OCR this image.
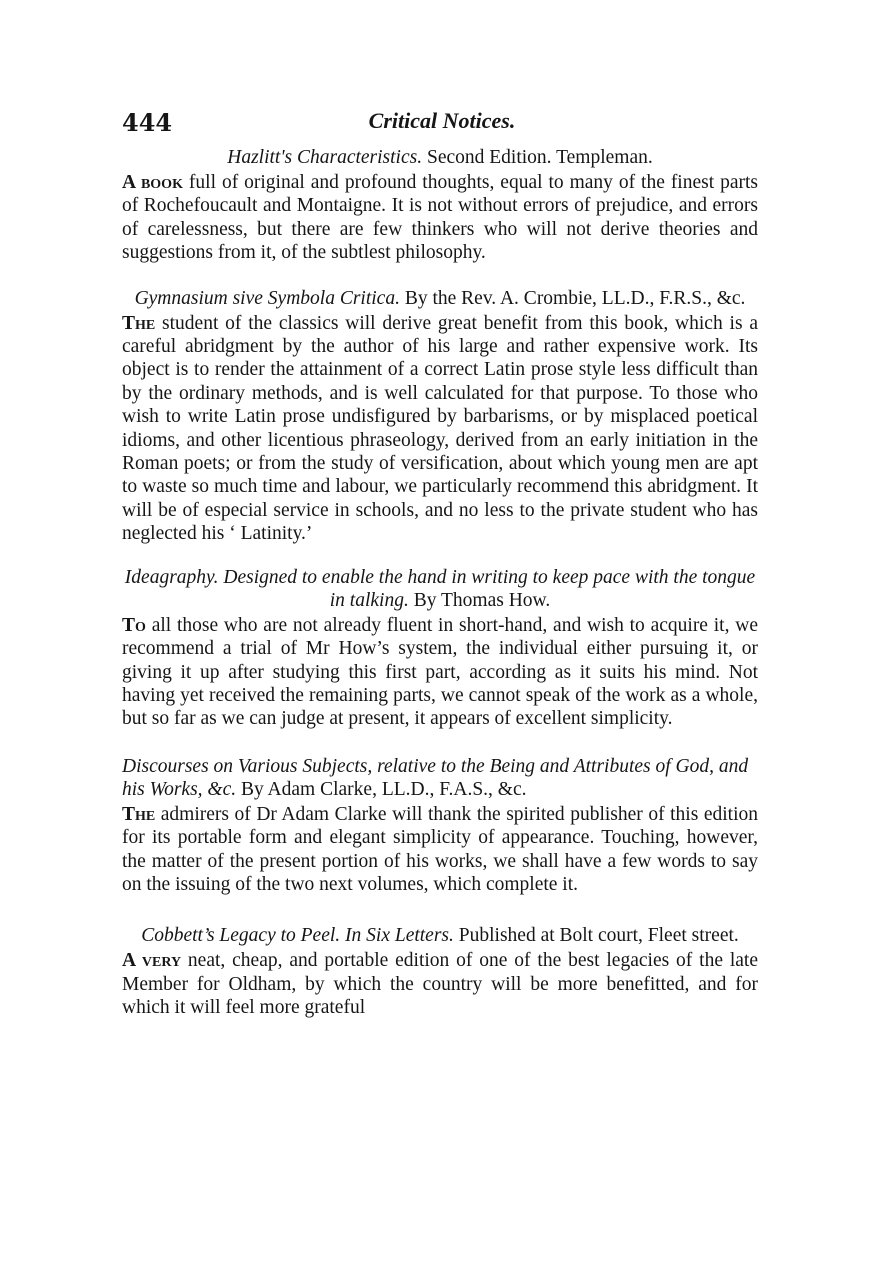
444	Critical Notices.

Hazlitt's Characteristics. Second Edition. Templeman.

A book full of original and profound thoughts, equal to many of the finest parts of Rochefoucault and Montaigne. It is not without errors of prejudice, and errors of carelessness, but there are few thinkers who will not derive theories and suggestions from it, of the subtlest philosophy.

Gymnasium sive Symbola Critica. By the Rev. A. Crombie, LL.D., F.R.S., &c.

The student of the classics will derive great benefit from this book, which is a careful abridgment by the author of his large and rather expensive work. Its object is to render the attainment of a correct Latin prose style less difficult than by the ordinary methods, and is well calculated for that purpose. To those who wish to write Latin prose undisfigured by barbarisms, or by misplaced poetical idioms, and other licentious phraseology, derived from an early initiation in the Roman poets; or from the study of versification, about which young men are apt to waste so much time and labour, we particularly recommend this abridgment. It will be of especial service in schools, and no less to the private student who has neglected his ‘ Latinity.’

Ideagraphy. Designed to enable the hand in writing to keep pace with the tongue in talking. By Thomas How.

To all those who are not already fluent in short-hand, and wish to acquire it, we recommend a trial of Mr How’s system, the individual either pursuing it, or giving it up after studying this first part, according as it suits his mind. Not having yet received the remaining parts, we cannot speak of the work as a whole, but so far as we can judge at present, it appears of excellent simplicity.

Discourses on Various Subjects, relative to the Being and Attributes of God, and his Works, &c. By Adam Clarke, LL.D., F.A.S., &c.

The admirers of Dr Adam Clarke will thank the spirited publisher of this edition for its portable form and elegant simplicity of appearance. Touching, however, the matter of the present portion of his works, we shall have a few words to say on the issuing of the two next volumes, which complete it.

Cobbett’s Legacy to Peel. In Six Letters. Published at Bolt court, Fleet street.

A very neat, cheap, and portable edition of one of the best legacies of the late Member for Oldham, by which the country will be more benefitted, and for which it will feel more grateful
